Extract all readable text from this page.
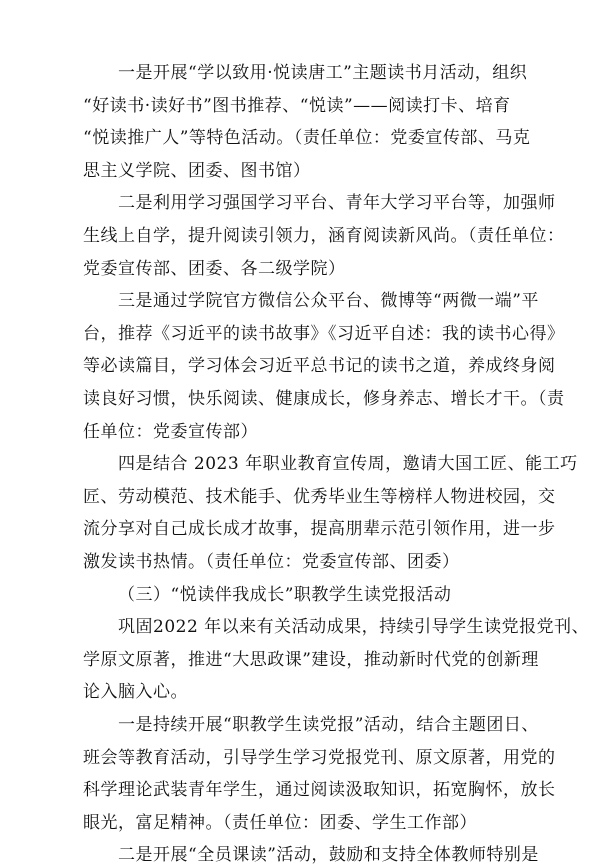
一是开展“学以致用·悦读唐工”主题读书月活动，组织
“好读书·读好书”图书推荐、“悦读”——阅读打卡、培育
“悦读推广人”等特色活动。（责任单位：党委宣传部、马克
思主义学院、团委、图书馆）
二是利用学习强国学习平台、青年大学习平台等，加强师
生线上自学，提升阅读引领力，涵育阅读新风尚。（责任单位：
党委宣传部、团委、各二级学院）
三是通过学院官方微信公众平台、微博等“两微一端”平
台，推荐《习近平的读书故事》《习近平自述：我的读书心得》
等必读篇目，学习体会习近平总书记的读书之道，养成终身阅
读良好习惯，快乐阅读、健康成长，修身养志、增长才干。（责
任单位：党委宣传部）
四是结合 2023 年职业教育宣传周，邀请大国工匠、能工巧
匠、劳动模范、技术能手、优秀毕业生等榜样人物进校园，交
流分享对自己成长成才故事，提高朋辈示范引领作用，进一步
激发读书热情。（责任单位：党委宣传部、团委）
（三）“悦读伴我成长”职教学生读党报活动
巩固2022 年以来有关活动成果，持续引导学生读党报党刊、
学原文原著，推进“大思政课”建设，推动新时代党的创新理
论入脑入心。
一是持续开展“职教学生读党报”活动，结合主题团日、
班会等教育活动，引导学生学习党报党刊、原文原著，用党的
科学理论武装青年学生，通过阅读汲取知识，拓宽胸怀，放长
眼光，富足精神。（责任单位：团委、学生工作部）
二是开展“全员课读”活动，鼓励和支持全体教师特别是
